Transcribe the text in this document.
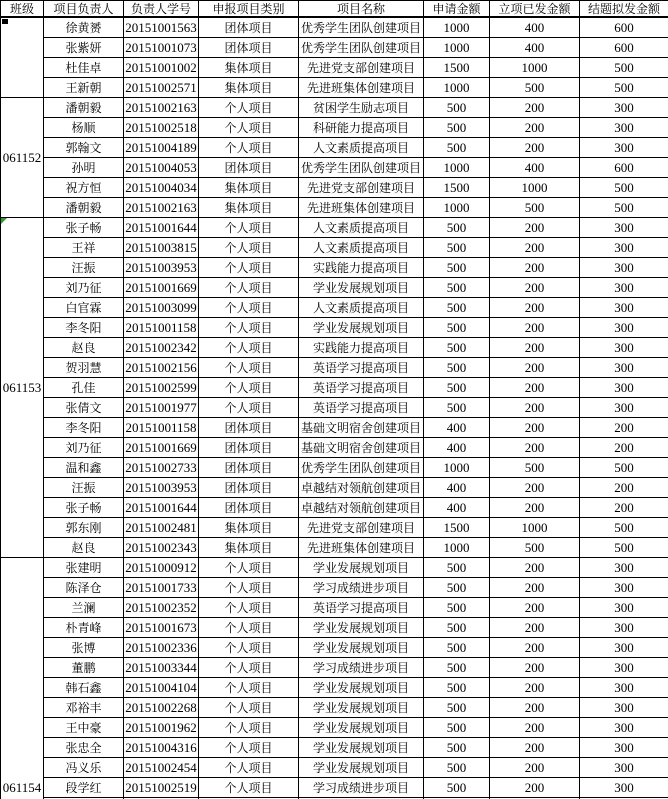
班级	项目负责人	负责人学号	申报项目类别	项目名称	申请金额	立项已发金额	结题拟发金额

	徐黄赟	20151001563	团体项目	优秀学生团队创建项目	1000	400	600
	张紫妍	20151001073	团体项目	优秀学生团队创建项目	1000	400	600
	杜佳卓	20151001002	集体项目	先进党支部创建项目	1500	1000	500
	王新朝	20151002571	集体项目	先进班集体创建项目	1000	500	500
061152	潘朝毅	20151002163	个人项目	贫困学生励志项目	500	200	300
	杨顺	20151002518	个人项目	科研能力提高项目	500	200	300
	郭翰文	20151004189	个人项目	人文素质提高项目	500	200	300
	孙明	20151004053	团体项目	优秀学生团队创建项目	1000	400	600
	祝方恒	20151004034	集体项目	先进党支部创建项目	1500	1000	500
	潘朝毅	20151002163	集体项目	先进班集体创建项目	1000	500	500
061153	张子畅	20151001644	个人项目	人文素质提高项目	500	200	300
	王祥	20151003815	个人项目	人文素质提高项目	500	200	300
	汪振	20151003953	个人项目	实践能力提高项目	500	200	300
	刘乃征	20151001669	个人项目	学业发展规划项目	500	200	300
	白官霖	20151003099	个人项目	人文素质提高项目	500	200	300
	李冬阳	20151001158	个人项目	学业发展规划项目	500	200	300
	赵良	20151002342	个人项目	实践能力提高项目	500	200	300
	贺羽慧	20151002156	个人项目	英语学习提高项目	500	200	300
	孔佳	20151002599	个人项目	英语学习提高项目	500	200	300
	张倩文	20151001977	个人项目	英语学习提高项目	500	200	300
	李冬阳	20151001158	团体项目	基础文明宿舍创建项目	400	200	200
	刘乃征	20151001669	团体项目	基础文明宿舍创建项目	400	200	200
	温和鑫	20151002733	团体项目	优秀学生团队创建项目	1000	500	500
	汪振	20151003953	团体项目	卓越结对领航创建项目	400	200	200
	张子畅	20151001644	团体项目	卓越结对领航创建项目	400	200	200
	郭东刚	20151002481	集体项目	先进党支部创建项目	1500	1000	500
	赵良	20151002343	集体项目	先进班集体创建项目	1000	500	500
061154	张建明	20151000912	个人项目	学业发展规划项目	500	200	300
	陈泽仓	20151001733	个人项目	学习成绩进步项目	500	200	300
	兰澜	20151002352	个人项目	英语学习提高项目	500	200	300
	朴青峰	20151001673	个人项目	学业发展规划项目	500	200	300
	张博	20151002336	个人项目	学业发展规划项目	500	200	300
	董鹏	20151003344	个人项目	学习成绩进步项目	500	200	300
	韩石鑫	20151004104	个人项目	学业发展规划项目	500	200	300
	邓裕丰	20151002268	个人项目	学业发展规划项目	500	200	300
	王中豪	20151001962	个人项目	学业发展规划项目	500	200	300
	张忠全	20151004316	个人项目	学业发展规划项目	500	200	300
	冯义乐	20151002454	个人项目	学业发展规划项目	500	200	300
	段学红	20151002519	个人项目	学习成绩进步项目	500	200	300
